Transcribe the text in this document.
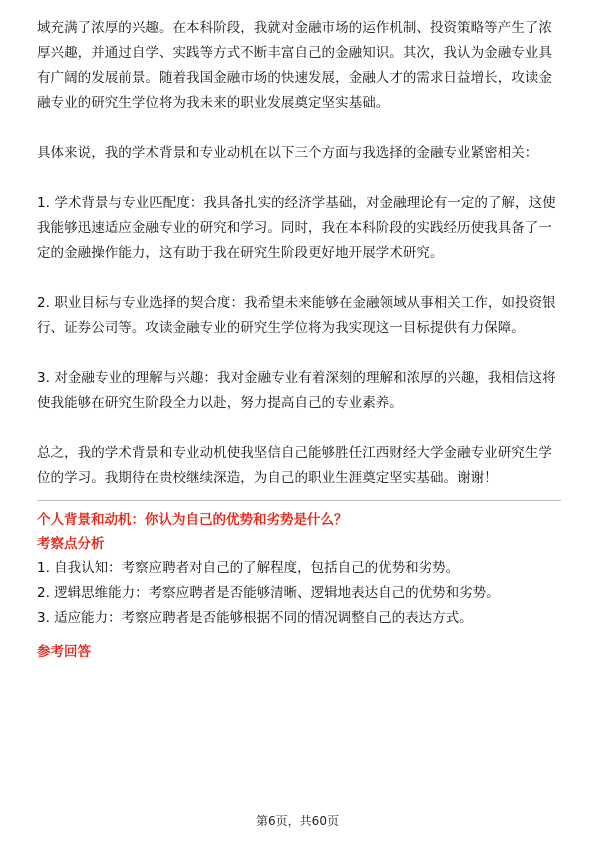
域充满了浓厚的兴趣。在本科阶段，我就对金融市场的运作机制、投资策略等产生了浓厚兴趣，并通过自学、实践等方式不断丰富自己的金融知识。其次，我认为金融专业具有广阔的发展前景。随着我国金融市场的快速发展，金融人才的需求日益增长，攻读金融专业的研究生学位将为我未来的职业发展奠定坚实基础。

具体来说，我的学术背景和专业动机在以下三个方面与我选择的金融专业紧密相关：

1. 学术背景与专业匹配度：我具备扎实的经济学基础，对金融理论有一定的了解，这使我能够迅速适应金融专业的研究和学习。同时，我在本科阶段的实践经历使我具备了一定的金融操作能力，这有助于我在研究生阶段更好地开展学术研究。

2. 职业目标与专业选择的契合度：我希望未来能够在金融领域从事相关工作，如投资银行、证券公司等。攻读金融专业的研究生学位将为我实现这一目标提供有力保障。

3. 对金融专业的理解与兴趣：我对金融专业有着深刻的理解和浓厚的兴趣，我相信这将使我能够在研究生阶段全力以赴，努力提高自己的专业素养。

总之，我的学术背景和专业动机使我坚信自己能够胜任江西财经大学金融专业研究生学位的学习。我期待在贵校继续深造，为自己的职业生涯奠定坚实基础。谢谢！

个人背景和动机：你认为自己的优势和劣势是什么？

考察点分析

1. 自我认知：考察应聘者对自己的了解程度，包括自己的优势和劣势。

2. 逻辑思维能力：考察应聘者是否能够清晰、逻辑地表达自己的优势和劣势。

3. 适应能力：考察应聘者是否能够根据不同的情况调整自己的表达方式。

参考回答

第6页，共60页
